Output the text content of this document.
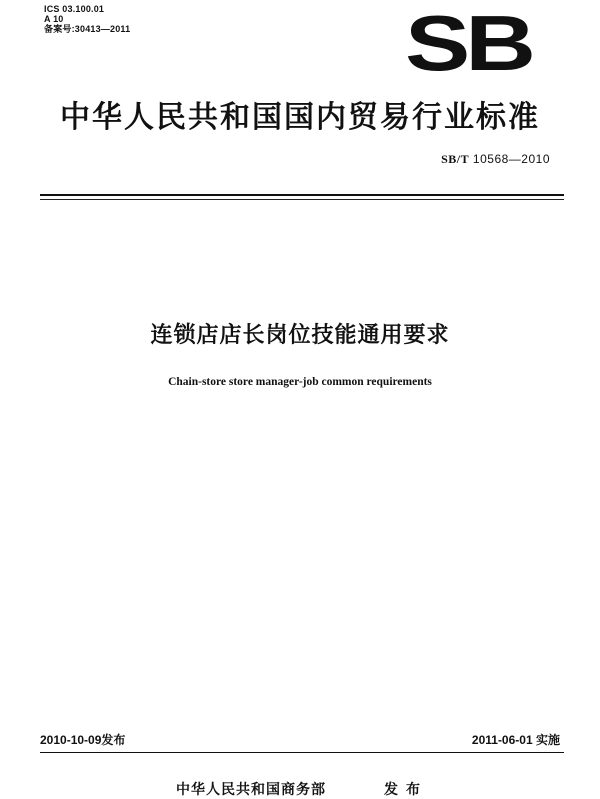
ICS 03.100.01
A 10
备案号:30413—2011	SB
中华人民共和国国内贸易行业标准
SB/T 10568—2010
连锁店店长岗位技能通用要求
Chain-store store manager-job common requirements
2010-10-09发布	2011-06-01 实施
中华人民共和国商务部	发布
